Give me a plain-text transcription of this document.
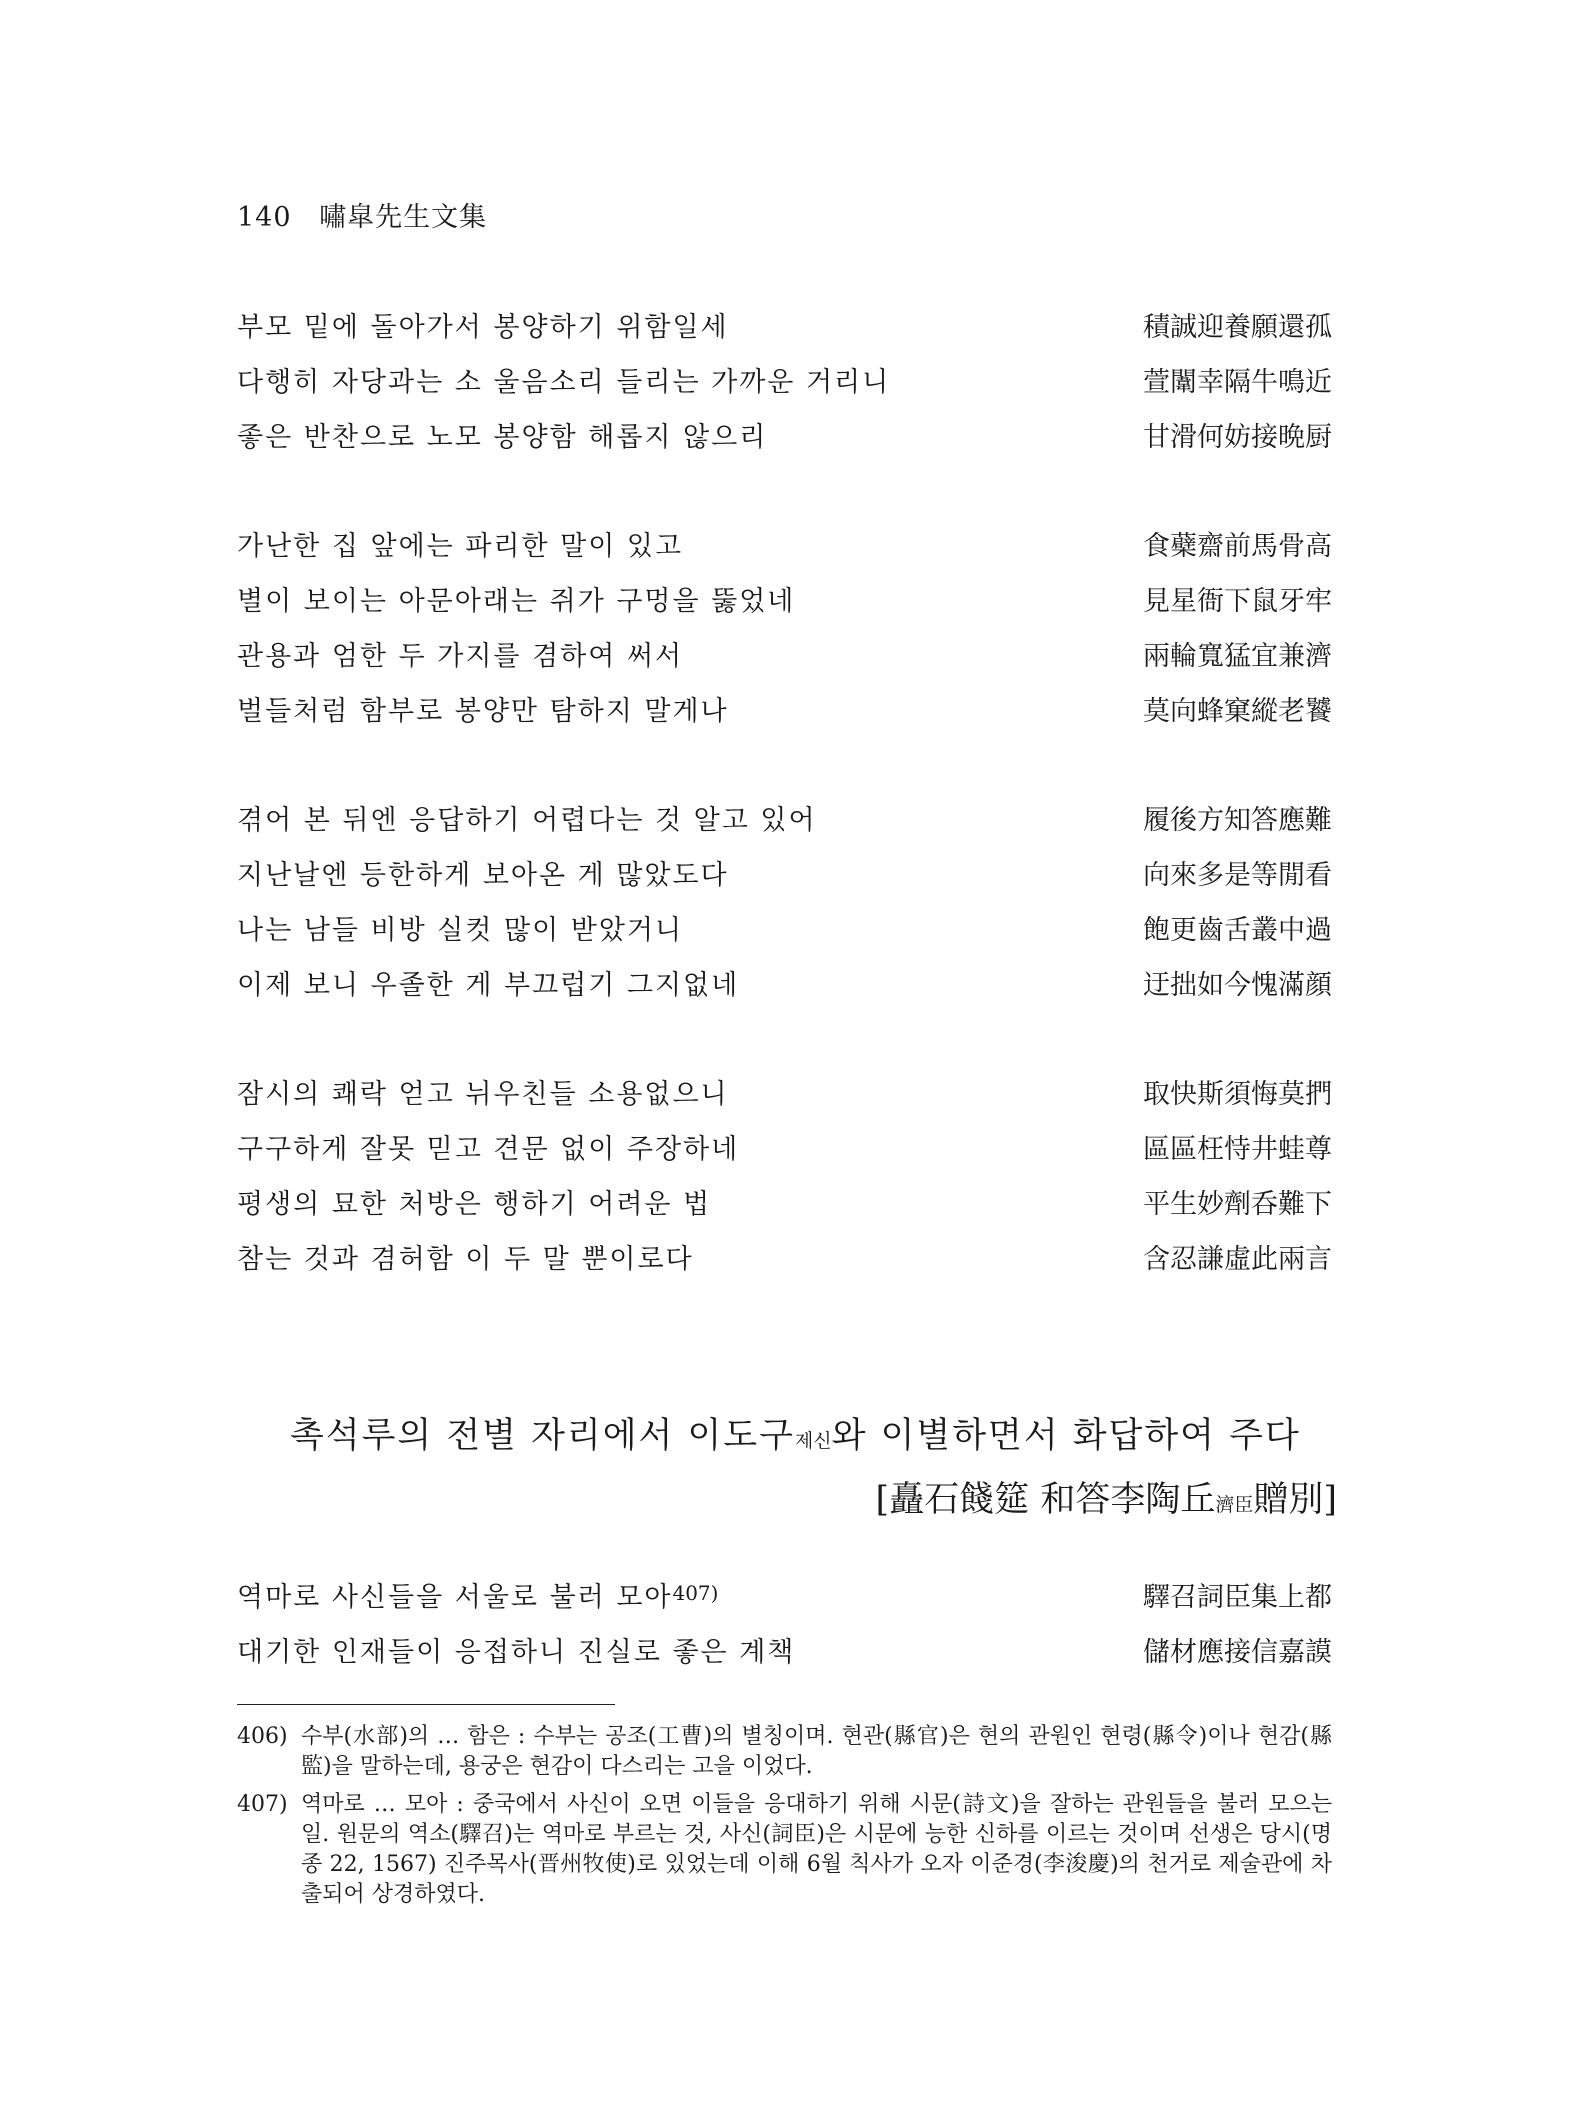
140 嘯皐先生文集
부모 밑에 돌아가서 봉양하기 위함일세	積誠迎養願還孤
다행히 자당과는 소 울음소리 들리는 가까운 거리니	萱闈幸隔牛鳴近
좋은 반찬으로 노모 봉양함 해롭지 않으리	甘滑何妨接晩厨
가난한 집 앞에는 파리한 말이 있고	食蘗齋前馬骨高
별이 보이는 아문아래는 쥐가 구멍을 뚫었네	見星衙下鼠牙牢
관용과 엄한 두 가지를 겸하여 써서	兩輪寬猛宜兼濟
벌들처럼 함부로 봉양만 탐하지 말게나	莫向蜂窠縱老饕
겪어 본 뒤엔 응답하기 어렵다는 것 알고 있어	履後方知答應難
지난날엔 등한하게 보아온 게 많았도다	向來多是等閒看
나는 남들 비방 실컷 많이 받았거니	飽更齒舌叢中過
이제 보니 우졸한 게 부끄럽기 그지없네	迂拙如今愧滿顔
잠시의 쾌락 얻고 뉘우친들 소용없으니	取快斯須悔莫捫
구구하게 잘못 믿고 견문 없이 주장하네	區區枉恃井蛙尊
평생의 묘한 처방은 행하기 어려운 법	平生妙劑呑難下
참는 것과 겸허함 이 두 말 뿐이로다	含忍謙虛此兩言
촉석루의 전별 자리에서 이도구제신와 이별하면서 화답하여 주다
[矗石餞筵 和答李陶丘濟臣贈別]
역마로 사신들을 서울로 불러 모아$^{407)}$	驛召詞臣集上都
대기한 인재들이 응접하니 진실로 좋은 계책	儲材應接信嘉謨
406) 수부(水部)의 … 함은 : 수부는 공조(工曹)의 별칭이며. 현관(縣官)은 현의 관원인 현령(縣令)이나 현감(縣監)을 말하는데, 용궁은 현감이 다스리는 고을 이었다.
407) 역마로 … 모아 : 중국에서 사신이 오면 이들을 응대하기 위해 시문(詩文)을 잘하는 관원들을 불러 모으는 일. 원문의 역소(驛召)는 역마로 부르는 것, 사신(詞臣)은 시문에 능한 신하를 이르는 것이며 선생은 당시(명종 22, 1567) 진주목사(晋州牧使)로 있었는데 이해 6월 칙사가 오자 이준경(李浚慶)의 천거로 제술관에 차출되어 상경하였다.
